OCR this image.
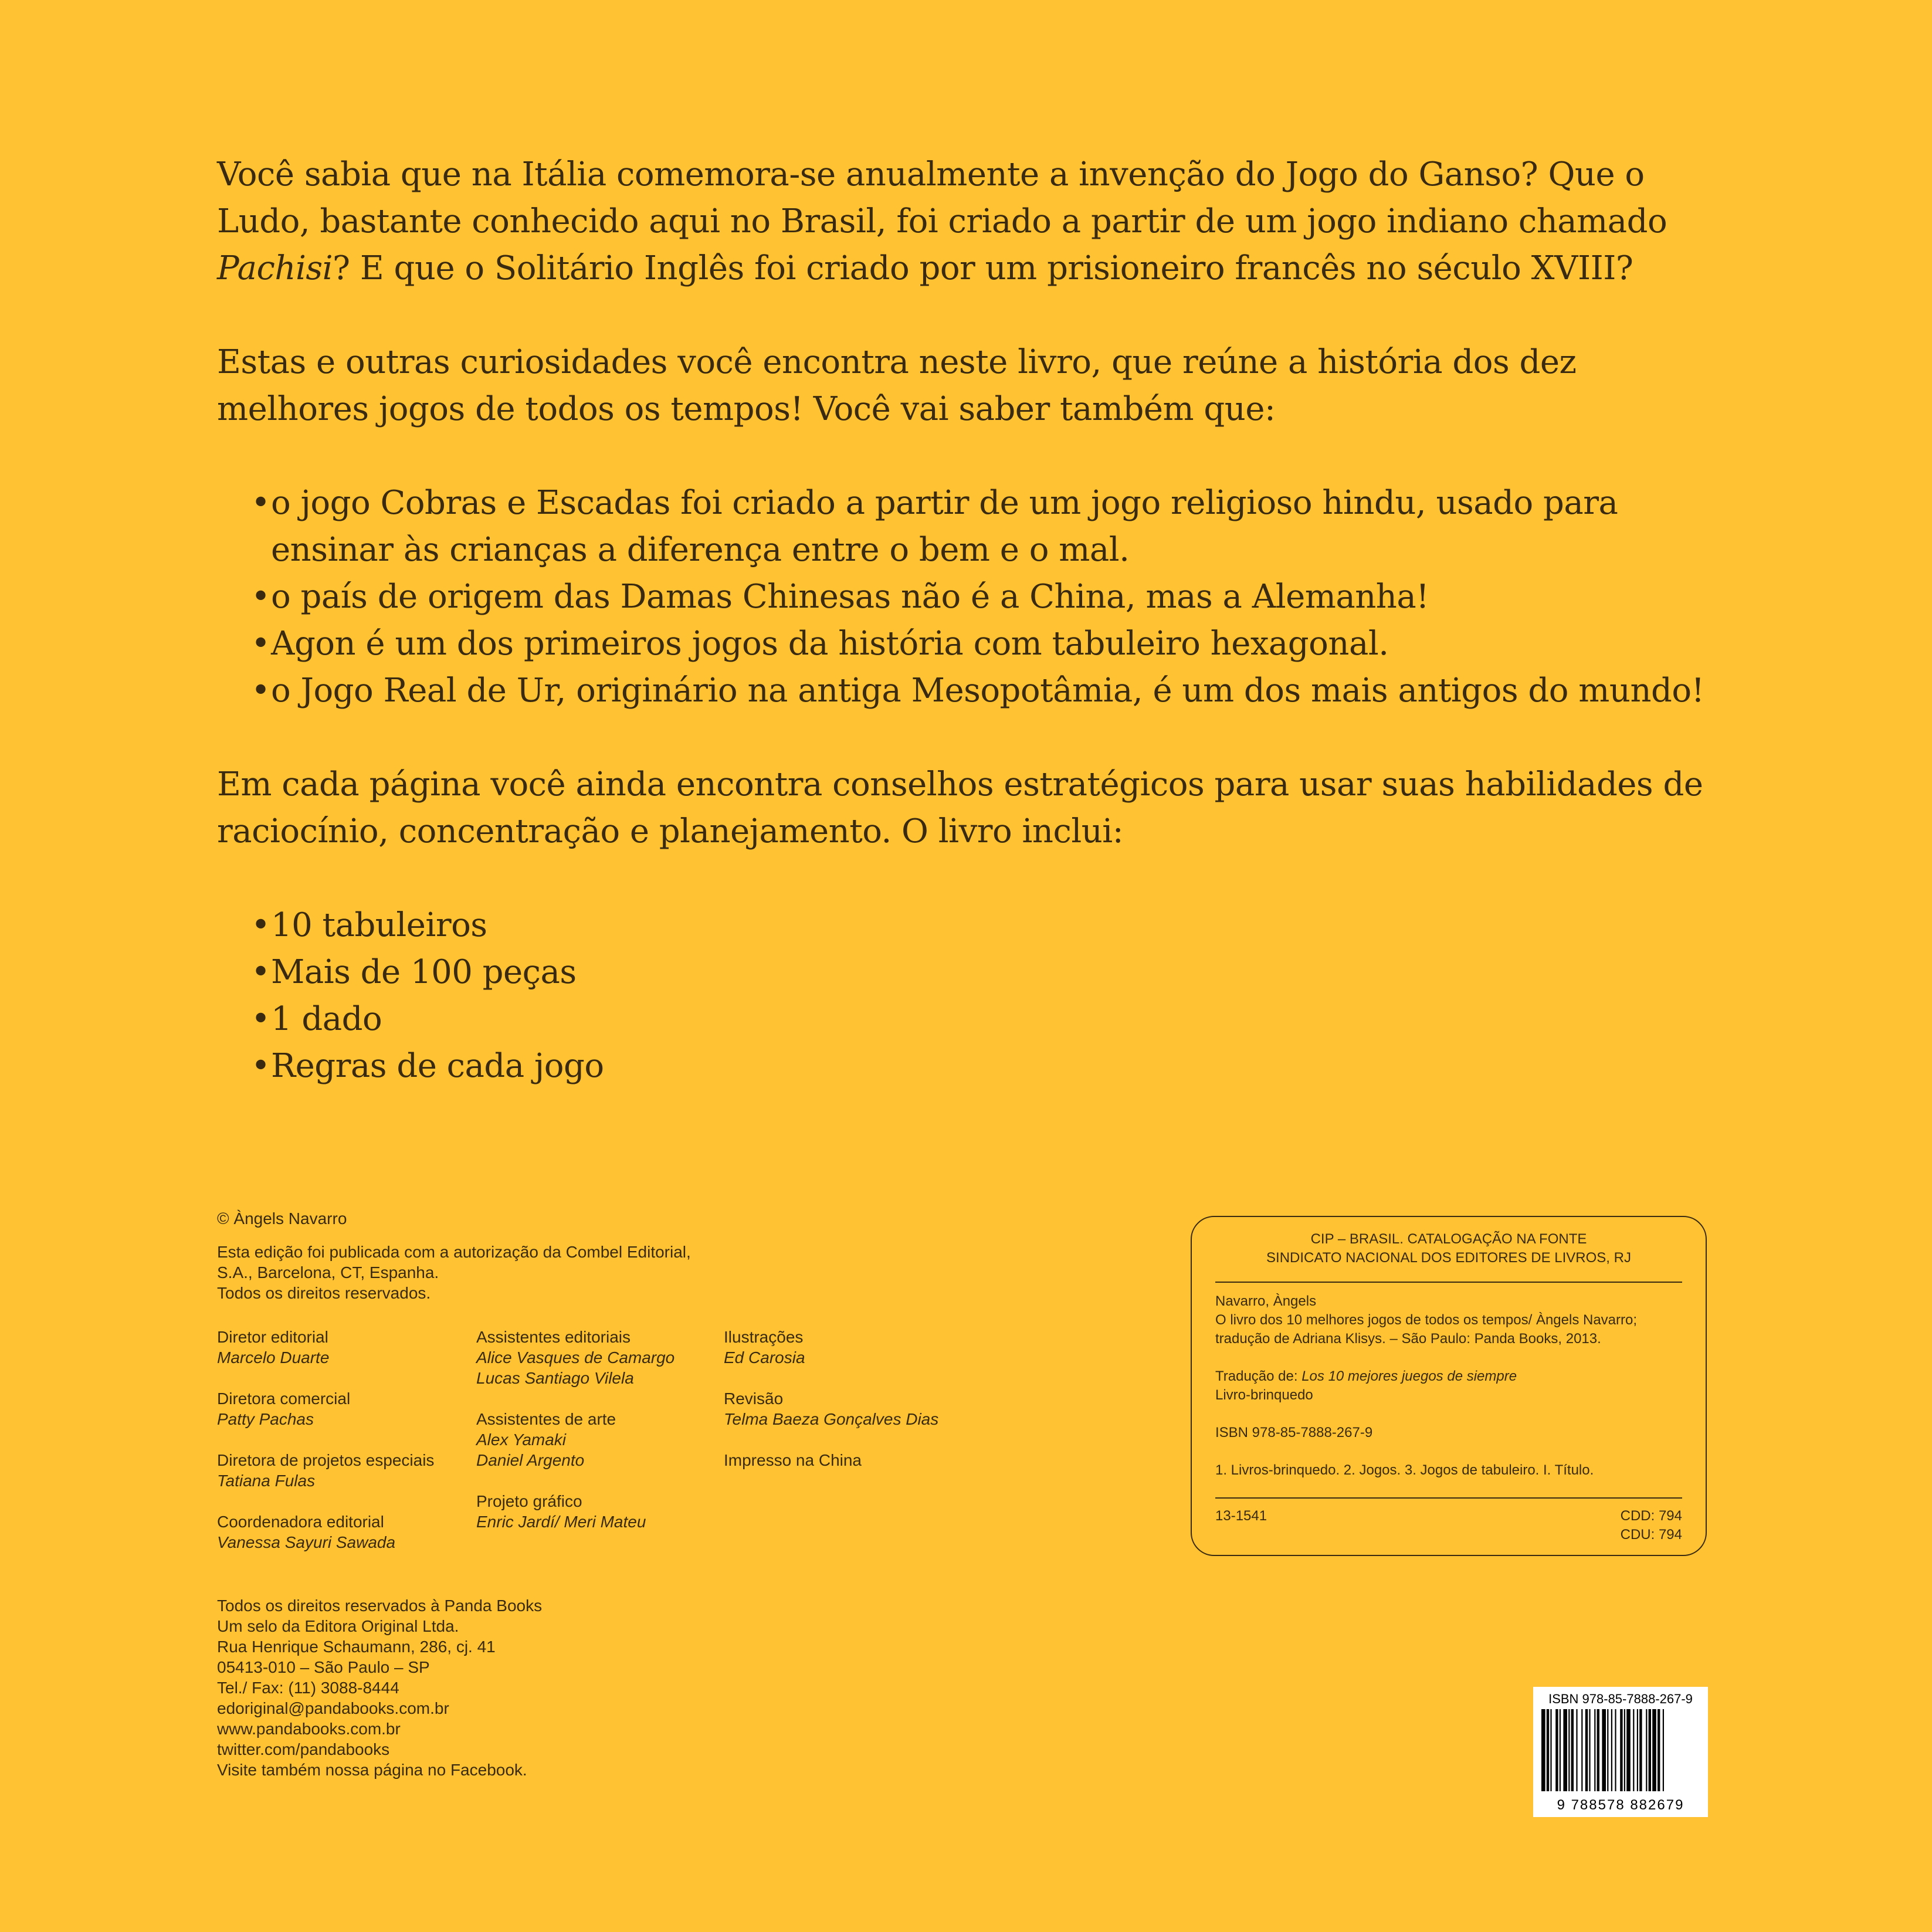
Você sabia que na Itália comemora-se anualmente a invenção do Jogo do Ganso? Que o Ludo, bastante conhecido aqui no Brasil, foi criado a partir de um jogo indiano chamado Pachisi? E que o Solitário Inglês foi criado por um prisioneiro francês no século XVIII?

Estas e outras curiosidades você encontra neste livro, que reúne a história dos dez melhores jogos de todos os tempos! Você vai saber também que:

• o jogo Cobras e Escadas foi criado a partir de um jogo religioso hindu, usado para ensinar às crianças a diferença entre o bem e o mal.
• o país de origem das Damas Chinesas não é a China, mas a Alemanha!
• Agon é um dos primeiros jogos da história com tabuleiro hexagonal.
• o Jogo Real de Ur, originário na antiga Mesopotâmia, é um dos mais antigos do mundo!

Em cada página você ainda encontra conselhos estratégicos para usar suas habilidades de raciocínio, concentração e planejamento. O livro inclui:

• 10 tabuleiros
• Mais de 100 peças
• 1 dado
• Regras de cada jogo
© Àngels Navarro
Esta edição foi publicada com a autorização da Combel Editorial,
S.A., Barcelona, CT, Espanha.
Todos os direitos reservados.
Diretor editorial
Marcelo Duarte
Diretora comercial
Patty Pachas
Diretora de projetos especiais
Tatiana Fulas
Coordenadora editorial
Vanessa Sayuri Sawada
Assistentes editoriais
Alice Vasques de Camargo
Lucas Santiago Vilela
Assistentes de arte
Alex Yamaki
Daniel Argento
Projeto gráfico
Enric Jardí/ Meri Mateu
Ilustrações
Ed Carosia
Revisão
Telma Baeza Gonçalves Dias
Impresso na China
Todos os direitos reservados à Panda Books
Um selo da Editora Original Ltda.
Rua Henrique Schaumann, 286, cj. 41
05413-010 – São Paulo – SP
Tel./ Fax: (11) 3088-8444
edoriginal@pandabooks.com.br
www.pandabooks.com.br
twitter.com/pandabooks
Visite também nossa página no Facebook.
CIP – BRASIL. CATALOGAÇÃO NA FONTE
SINDICATO NACIONAL DOS EDITORES DE LIVROS, RJ
Navarro, Àngels
O livro dos 10 melhores jogos de todos os tempos/ Àngels Navarro;
tradução de Adriana Klisys. – São Paulo: Panda Books, 2013.
Tradução de: Los 10 mejores juegos de siempre
Livro-brinquedo
ISBN 978-85-7888-267-9
1. Livros-brinquedo. 2. Jogos. 3. Jogos de tabuleiro. I. Título.
13-1541	CDD: 794
CDU: 794
ISBN 978-85-7888-267-9
9 788578 882679
